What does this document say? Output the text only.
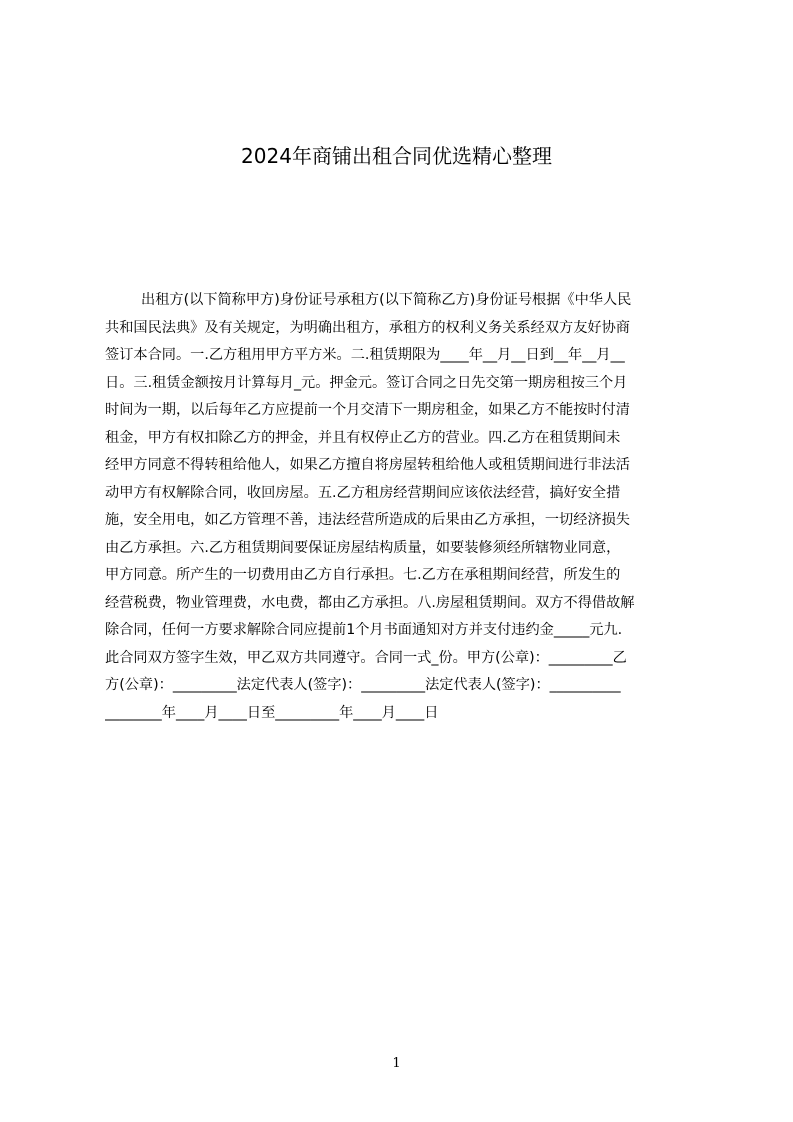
2024年商铺出租合同优选精心整理
出租方(以下简称甲方)身份证号承租方(以下简称乙方)身份证号根据《中华人民
共和国民法典》及有关规定，为明确出租方，承租方的权利义务关系经双方友好协商
签订本合同。一.乙方租用甲方平方米。二.租赁期限为____年__月__日到__年__月__
日。三.租赁金额按月计算每月_元。押金元。签订合同之日先交第一期房租按三个月
时间为一期，以后每年乙方应提前一个月交清下一期房租金，如果乙方不能按时付清
租金，甲方有权扣除乙方的押金，并且有权停止乙方的营业。四.乙方在租赁期间未
经甲方同意不得转租给他人，如果乙方擅自将房屋转租给他人或租赁期间进行非法活
动甲方有权解除合同，收回房屋。五.乙方租房经营期间应该依法经营，搞好安全措
施，安全用电，如乙方管理不善，违法经营所造成的后果由乙方承担，一切经济损失
由乙方承担。六.乙方租赁期间要保证房屋结构质量，如要装修须经所辖物业同意，
甲方同意。所产生的一切费用由乙方自行承担。七.乙方在承租期间经营，所发生的
经营税费，物业管理费，水电费，都由乙方承担。八.房屋租赁期间。双方不得借故解
除合同，任何一方要求解除合同应提前1个月书面通知对方并支付违约金_____元九.
此合同双方签字生效，甲乙双方共同遵守。合同一式_份。甲方(公章)：_________乙
方(公章)：_________法定代表人(签字)：_________法定代表人(签字)：__________
________年____月____日至_________年____月____日
1
